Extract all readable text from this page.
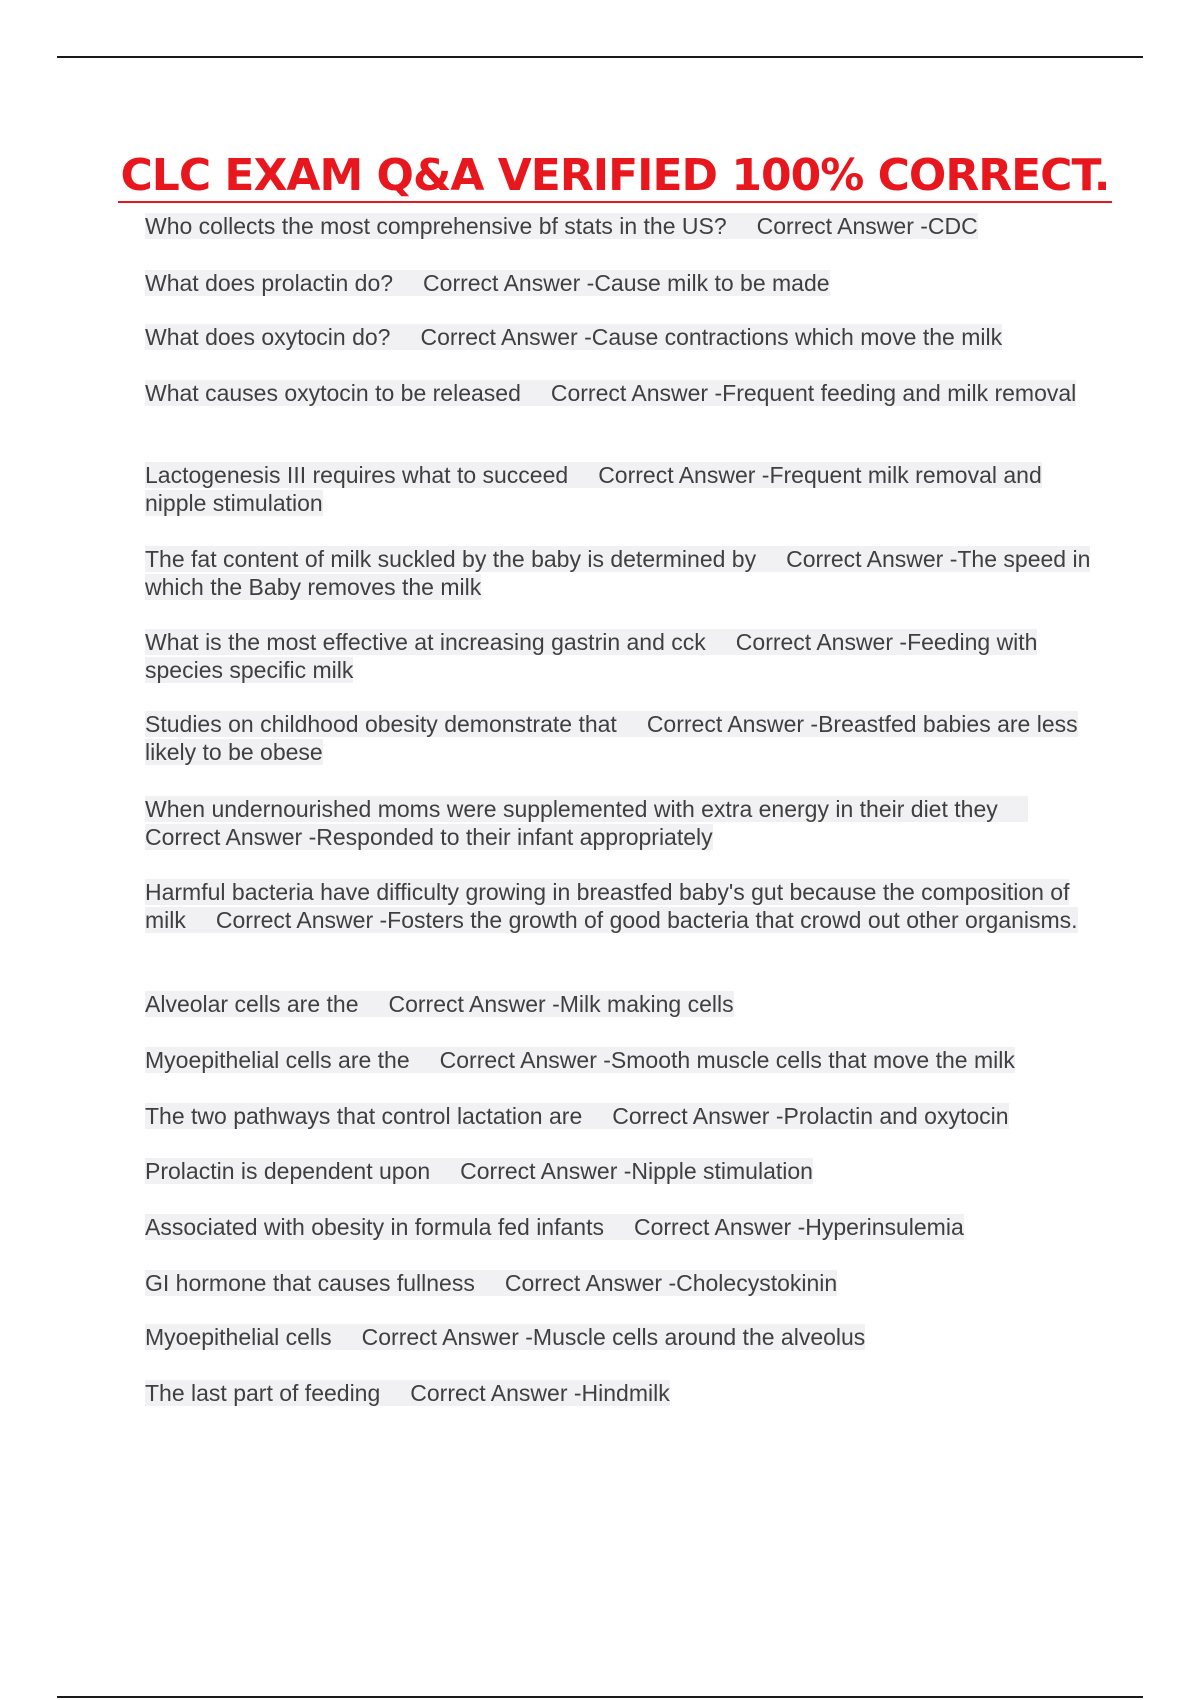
CLC EXAM Q&A VERIFIED 100% CORRECT.
Who collects the most comprehensive bf stats in the US? Correct Answer -CDC
What does prolactin do? Correct Answer -Cause milk to be made
What does oxytocin do? Correct Answer -Cause contractions which move the milk
What causes oxytocin to be released Correct Answer -Frequent feeding and milk removal
Lactogenesis III requires what to succeed Correct Answer -Frequent milk removal and nipple stimulation
The fat content of milk suckled by the baby is determined by Correct Answer -The speed in which the Baby removes the milk
What is the most effective at increasing gastrin and cck Correct Answer -Feeding with species specific milk
Studies on childhood obesity demonstrate that Correct Answer -Breastfed babies are less likely to be obese
When undernourished moms were supplemented with extra energy in their diet theyCorrect Answer -Responded to their infant appropriately
Harmful bacteria have difficulty growing in breastfed baby's gut because the composition of milk Correct Answer -Fosters the growth of good bacteria that crowd out other organisms.
Alveolar cells are the Correct Answer -Milk making cells
Myoepithelial cells are the Correct Answer -Smooth muscle cells that move the milk
The two pathways that control lactation are Correct Answer -Prolactin and oxytocin
Prolactin is dependent upon Correct Answer -Nipple stimulation
Associated with obesity in formula fed infants Correct Answer -Hyperinsulemia
GI hormone that causes fullness Correct Answer -Cholecystokinin
Myoepithelial cells Correct Answer -Muscle cells around the alveolus
The last part of feeding Correct Answer -Hindmilk
